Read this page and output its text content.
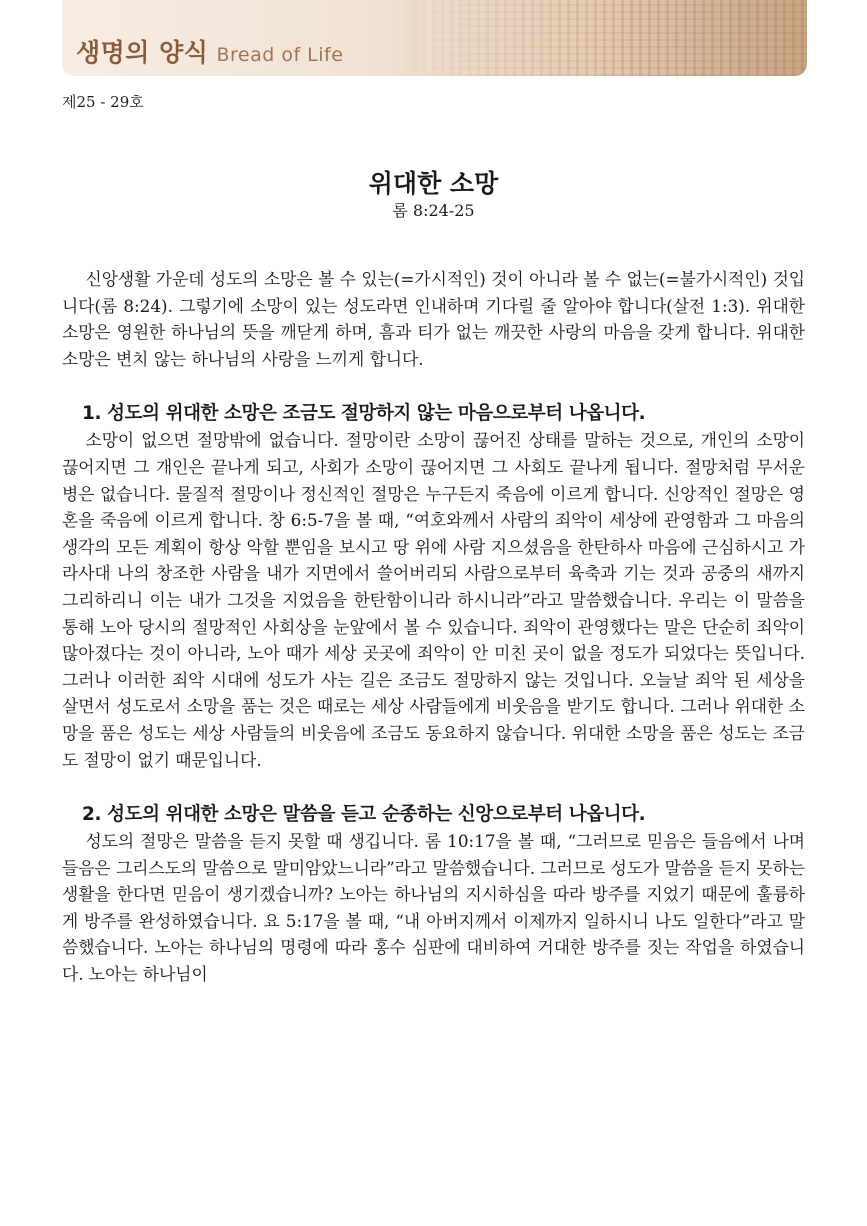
생명의 양식 Bread of Life
제25 - 29호
위대한 소망
롬 8:24-25

신앙생활 가운데 성도의 소망은 볼 수 있는(=가시적인) 것이 아니라 볼 수 없는(=불가시적인) 것입니다(롬 8:24). 그렇기에 소망이 있는 성도라면 인내하며 기다릴 줄 알아야 합니다(살전 1:3). 위대한 소망은 영원한 하나님의 뜻을 깨닫게 하며, 흠과 티가 없는 깨끗한 사랑의 마음을 갖게 합니다. 위대한 소망은 변치 않는 하나님의 사랑을 느끼게 합니다.

1. 성도의 위대한 소망은 조금도 절망하지 않는 마음으로부터 나옵니다.

소망이 없으면 절망밖에 없습니다. 절망이란 소망이 끊어진 상태를 말하는 것으로, 개인의 소망이 끊어지면 그 개인은 끝나게 되고, 사회가 소망이 끊어지면 그 사회도 끝나게 됩니다. 절망처럼 무서운 병은 없습니다. 물질적 절망이나 정신적인 절망은 누구든지 죽음에 이르게 합니다. 신앙적인 절망은 영혼을 죽음에 이르게 합니다. 창 6:5-7을 볼 때, “여호와께서 사람의 죄악이 세상에 관영함과 그 마음의 생각의 모든 계획이 항상 악할 뿐임을 보시고 땅 위에 사람 지으셨음을 한탄하사 마음에 근심하시고 가라사대 나의 창조한 사람을 내가 지면에서 쓸어버리되 사람으로부터 육축과 기는 것과 공중의 새까지 그리하리니 이는 내가 그것을 지었음을 한탄함이니라 하시니라”라고 말씀했습니다. 우리는 이 말씀을 통해 노아 당시의 절망적인 사회상을 눈앞에서 볼 수 있습니다. 죄악이 관영했다는 말은 단순히 죄악이 많아졌다는 것이 아니라, 노아 때가 세상 곳곳에 죄악이 안 미친 곳이 없을 정도가 되었다는 뜻입니다. 그러나 이러한 죄악 시대에 성도가 사는 길은 조금도 절망하지 않는 것입니다. 오늘날 죄악 된 세상을 살면서 성도로서 소망을 품는 것은 때로는 세상 사람들에게 비웃음을 받기도 합니다. 그러나 위대한 소망을 품은 성도는 세상 사람들의 비웃음에 조금도 동요하지 않습니다. 위대한 소망을 품은 성도는 조금도 절망이 없기 때문입니다.

2. 성도의 위대한 소망은 말씀을 듣고 순종하는 신앙으로부터 나옵니다.

성도의 절망은 말씀을 듣지 못할 때 생깁니다. 롬 10:17을 볼 때, “그러므로 믿음은 들음에서 나며 들음은 그리스도의 말씀으로 말미암았느니라”라고 말씀했습니다. 그러므로 성도가 말씀을 듣지 못하는 생활을 한다면 믿음이 생기겠습니까? 노아는 하나님의 지시하심을 따라 방주를 지었기 때문에 훌륭하게 방주를 완성하였습니다. 요 5:17을 볼 때, “내 아버지께서 이제까지 일하시니 나도 일한다”라고 말씀했습니다. 노아는 하나님의 명령에 따라 홍수 심판에 대비하여 거대한 방주를 짓는 작업을 하였습니다. 노아는 하나님이
